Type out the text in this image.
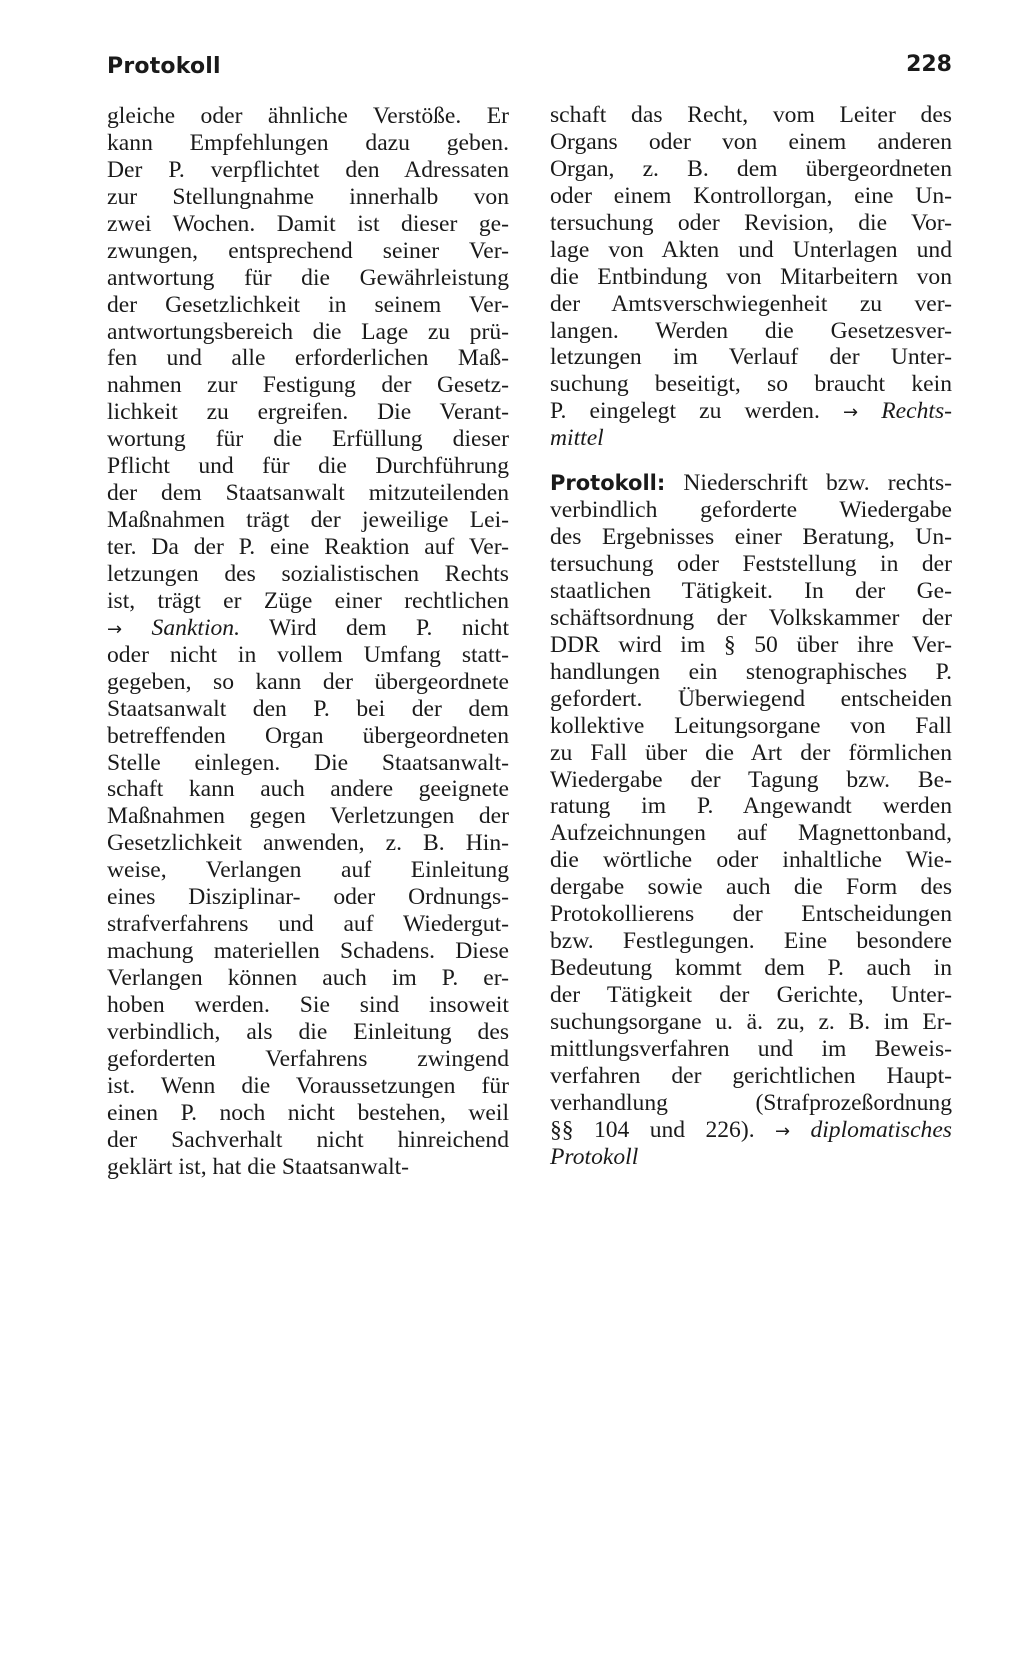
Protokoll	228
gleiche oder ähnliche Verstöße. Er
kann Empfehlungen dazu geben.
Der P. verpflichtet den Adressaten
zur Stellungnahme innerhalb von
zwei Wochen. Damit ist dieser ge-
zwungen, entsprechend seiner Ver-
antwortung für die Gewährleistung
der Gesetzlichkeit in seinem Ver-
antwortungsbereich die Lage zu prü-
fen und alle erforderlichen Maß-
nahmen zur Festigung der Gesetz-
lichkeit zu ergreifen. Die Verant-
wortung für die Erfüllung dieser
Pflicht und für die Durchführung
der dem Staatsanwalt mitzuteilenden
Maßnahmen trägt der jeweilige Lei-
ter. Da der P. eine Reaktion auf Ver-
letzungen des sozialistischen Rechts
ist, trägt er Züge einer rechtlichen
→ Sanktion. Wird dem P. nicht
oder nicht in vollem Umfang statt-
gegeben, so kann der übergeordnete
Staatsanwalt den P. bei der dem
betreffenden Organ übergeordneten
Stelle einlegen. Die Staatsanwalt-
schaft kann auch andere geeignete
Maßnahmen gegen Verletzungen der
Gesetzlichkeit anwenden, z. B. Hin-
weise, Verlangen auf Einleitung
eines Disziplinar- oder Ordnungs-
strafverfahrens und auf Wiedergut-
machung materiellen Schadens. Diese
Verlangen können auch im P. er-
hoben werden. Sie sind insoweit
verbindlich, als die Einleitung des
geforderten Verfahrens zwingend
ist. Wenn die Voraussetzungen für
einen P. noch nicht bestehen, weil
der Sachverhalt nicht hinreichend
geklärt ist, hat die Staatsanwalt-
schaft das Recht, vom Leiter des
Organs oder von einem anderen
Organ, z. B. dem übergeordneten
oder einem Kontrollorgan, eine Un-
tersuchung oder Revision, die Vor-
lage von Akten und Unterlagen und
die Entbindung von Mitarbeitern von
der Amtsverschwiegenheit zu ver-
langen. Werden die Gesetzesver-
letzungen im Verlauf der Unter-
suchung beseitigt, so braucht kein
P. eingelegt zu werden. → Rechts-
mittel
Protokoll: Niederschrift bzw. rechts-
verbindlich geforderte Wiedergabe
des Ergebnisses einer Beratung, Un-
tersuchung oder Feststellung in der
staatlichen Tätigkeit. In der Ge-
schäftsordnung der Volkskammer der
DDR wird im § 50 über ihre Ver-
handlungen ein stenographisches P.
gefordert. Überwiegend entscheiden
kollektive Leitungsorgane von Fall
zu Fall über die Art der förmlichen
Wiedergabe der Tagung bzw. Be-
ratung im P. Angewandt werden
Aufzeichnungen auf Magnettonband,
die wörtliche oder inhaltliche Wie-
dergabe sowie auch die Form des
Protokollierens der Entscheidungen
bzw. Festlegungen. Eine besondere
Bedeutung kommt dem P. auch in
der Tätigkeit der Gerichte, Unter-
suchungsorgane u. ä. zu, z. B. im Er-
mittlungsverfahren und im Beweis-
verfahren der gerichtlichen Haupt-
verhandlung (Strafprozeßordnung
§§ 104 und 226). → diplomatisches
Protokoll
